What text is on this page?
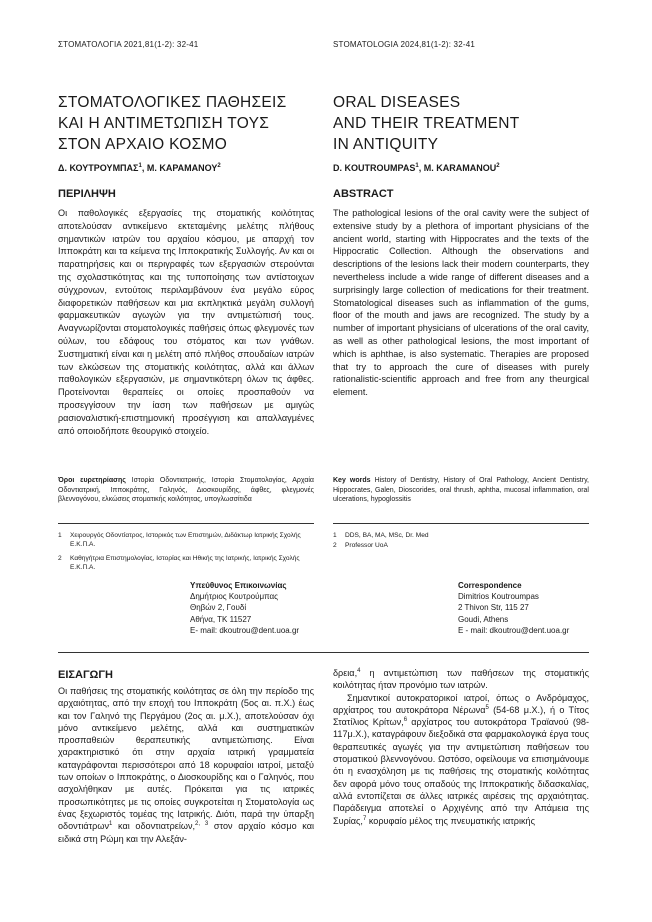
ΣΤΟΜΑΤΟΛΟΓΙΑ 2021,81(1-2): 32-41	STOMATOLOGIA 2024,81(1-2): 32-41
ΣΤΟΜΑΤΟΛΟΓΙΚΕΣ ΠΑΘΗΣΕΙΣ
ΚΑΙ Η ΑΝΤΙΜΕΤΩΠΙΣΗ ΤΟΥΣ
ΣΤΟΝ ΑΡΧΑΙΟ ΚΟΣΜΟ
ORAL DISEASES
AND THEIR TREATMENT
IN ANTIQUITY
Δ. ΚΟΥΤΡΟΥΜΠΑΣ$^1$, Μ. ΚΑΡΑΜΑΝΟΥ$^2$	D. KOUTROUMPAS$^1$, M. KARAMANOU$^2$
ΠΕΡΙΛΗΨΗ	ABSTRACT

Οι παθολογικές εξεργασίες της στοματικής κοιλότητας αποτελούσαν αντικείμενο εκτεταμένης μελέτης πλήθους σημαντικών ιατρών του αρχαίου κόσμου, με απαρχή τον Ιπποκράτη και τα κείμενα της Ιπποκρατικής Συλλογής. Αν και οι παρατηρήσεις και οι περιγραφές των εξεργασιών στερούνται της σχολαστικότητας και της τυποποίησης των αντίστοιχων σύγχρονων, εντούτοις περιλαμβάνουν ένα μεγάλο εύρος διαφορετικών παθήσεων και μια εκπληκτικά μεγάλη συλλογή φαρμακευτικών αγωγών για την αντιμετώπισή τους. Αναγνωρίζονται στοματολογικές παθήσεις όπως φλεγμονές των ούλων, του εδάφους του στόματος και των γνάθων. Συστηματική είναι και η μελέτη από πλήθος σπουδαίων ιατρών των ελκώσεων της στοματικής κοιλότητας, αλλά και άλλων παθολογικών εξεργασιών, με σημαντικότερη όλων τις άφθες. Προτείνονται θεραπείες οι οποίες προσπαθούν να προσεγγίσουν την ίαση των παθήσεων με αμιγώς ρασιοναλιστική-επιστημονική προσέγγιση και απαλλαγμένες από οποιοδήποτε θεουργικό στοιχείο.

The pathological lesions of the oral cavity were the subject of extensive study by a plethora of important physicians of the ancient world, starting with Hippocrates and the texts of the Hippocratic Collection. Although the observations and descriptions of the lesions lack their modern counterparts, they nevertheless include a wide range of different diseases and a surprisingly large collection of medications for their treatment. Stomatological diseases such as inflammation of the gums, floor of the mouth and jaws are recognized. The study by a number of important physicians of ulcerations of the oral cavity, as well as other pathological lesions, the most important of which is aphthae, is also systematic. Therapies are proposed that try to approach the cure of diseases with purely rationalistic-scientific approach and free from any theurgical element.

Όροι ευρετηρίασης Ιστορία Οδοντιατρικής, Ιστορία Στοματολογίας, Αρχαία Οδοντιατρική, Ιπποκράτης, Γαληνός, Διοσκουρίδης, άφθες, φλεγμονές βλεννογόνου, ελκώσεις στοματικής κοιλότητας, υπογλωσσίτιδα

Key words History of Dentistry, History of Oral Pathology, Ancient Dentistry, Hippocrates, Galen, Dioscorides, oral thrush, aphtha, mucosal inflammation, oral ulcerations, hypoglossitis

1	Χειρουργός Οδοντίατρος, Ιστορικός των Επιστημών, Διδάκτωρ Ιατρικής Σχολής Ε.Κ.Π.Α.
2	Καθηγήτρια Επιστημολογίας, Ιστορίας και Ηθικής της Ιατρικής, Ιατρικής Σχολής Ε.Κ.Π.Α.
1	DDS, BA, MA, MSc, Dr. Med
2	Professor UoA
Υπεύθυνος Επικοινωνίας
Δημήτριος Κουτρούμπας
Θηβών 2, Γουδί
Αθήνα, ΤΚ 11527
E- mail: dkoutrou@dent.uoa.gr
Correspondence
Dimitrios Koutroumpas
2 Thivon Str, 115 27
Goudi, Athens
E - mail: dkoutrou@dent.uoa.gr
ΕΙΣΑΓΩΓΗ

Οι παθήσεις της στοματικής κοιλότητας σε όλη την περίοδο της αρχαιότητας, από την εποχή του Ιπποκράτη (5ος αι. π.Χ.) έως και τον Γαληνό της Περγάμου (2ος αι. μ.Χ.), αποτελούσαν όχι μόνο αντικείμενο μελέτης, αλλά και συστηματικών προσπαθειών θεραπευτικής αντιμετώπισης. Είναι χαρακτηριστικό ότι στην αρχαία ιατρική γραμματεία καταγράφονται περισσότεροι από 18 κορυφαίοι ιατροί, μεταξύ των οποίων ο Ιπποκράτης, ο Διοσκουρίδης και ο Γαληνός, που ασχολήθηκαν με αυτές. Πρόκειται για τις ιατρικές προσωπικότητες με τις οποίες συγκροτείται η Στοματολογία ως ένας ξεχωριστός τομέας της Ιατρικής. Διότι, παρά την ύπαρξη οδοντιάτρων$^1$ και οδοντιατρείων,$^{2, 3}$ στον αρχαίο κόσμο και ειδικά στη Ρώμη και την Αλεξάν-

δρεια,$^4$ η αντιμετώπιση των παθήσεων της στοματικής κοιλότητας ήταν προνόμιο των ιατρών.

Σημαντικοί αυτοκρατορικοί ιατροί, όπως ο Ανδρόμαχος, αρχίατρος του αυτοκράτορα Νέρωνα$^5$ (54-68 μ.Χ.), ή ο Τίτος Στατίλιος Κρίτων,$^6$ αρχίατρος του αυτοκράτορα Τραϊανού (98-117μ.Χ.), καταγράφουν διεξοδικά στα φαρμακολογικά έργα τους θεραπευτικές αγωγές για την αντιμετώπιση παθήσεων του στοματικού βλεννογόνου. Ωστόσο, οφείλουμε να επισημάνουμε ότι η ενασχόληση με τις παθήσεις της στοματικής κοιλότητας δεν αφορά μόνο τους οπαδούς της Ιπποκρατικής διδασκαλίας, αλλά εντοπίζεται σε άλλες ιατρικές αιρέσεις της αρχαιότητας. Παράδειγμα αποτελεί ο Αρχιγένης από την Απάμεια της Συρίας,$^7$ κορυφαίο μέλος της πνευματικής ιατρικής
